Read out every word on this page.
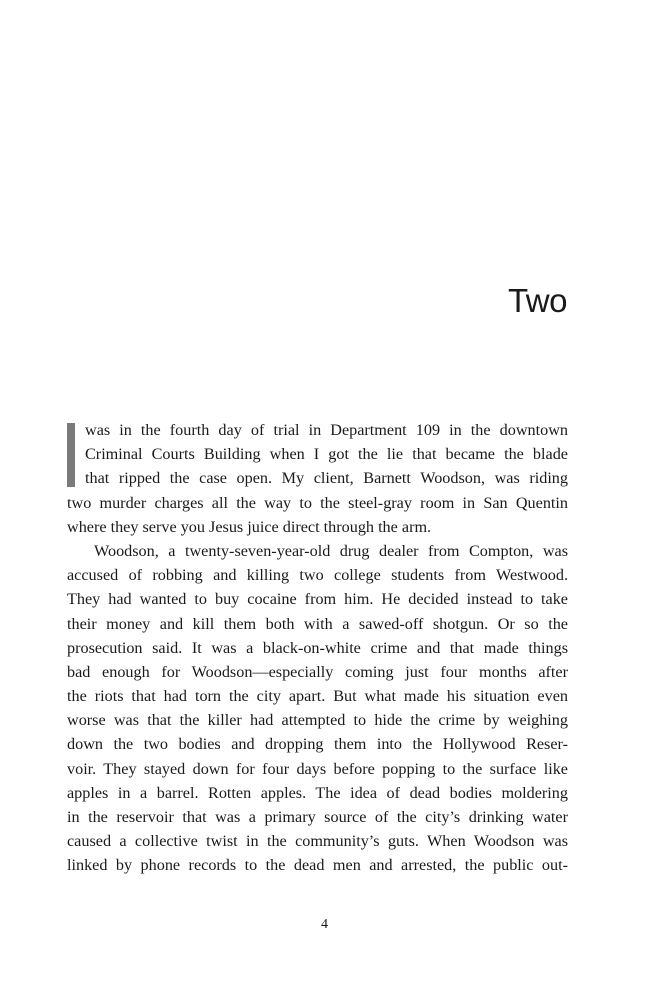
Two
was in the fourth day of trial in Department 109 in the downtown
Criminal Courts Building when I got the lie that became the blade
that ripped the case open. My client, Barnett Woodson, was riding
two murder charges all the way to the steel-gray room in San Quentin
where they serve you Jesus juice direct through the arm.
Woodson, a twenty-seven-year-old drug dealer from Compton, was
accused of robbing and killing two college students from Westwood.
They had wanted to buy cocaine from him. He decided instead to take
their money and kill them both with a sawed-off shotgun. Or so the
prosecution said. It was a black-on-white crime and that made things
bad enough for Woodson—especially coming just four months after
the riots that had torn the city apart. But what made his situation even
worse was that the killer had attempted to hide the crime by weighing
down the two bodies and dropping them into the Hollywood Reser-
voir. They stayed down for four days before popping to the surface like
apples in a barrel. Rotten apples. The idea of dead bodies moldering
in the reservoir that was a primary source of the city’s drinking water
caused a collective twist in the community’s guts. When Woodson was
linked by phone records to the dead men and arrested, the public out-
4
